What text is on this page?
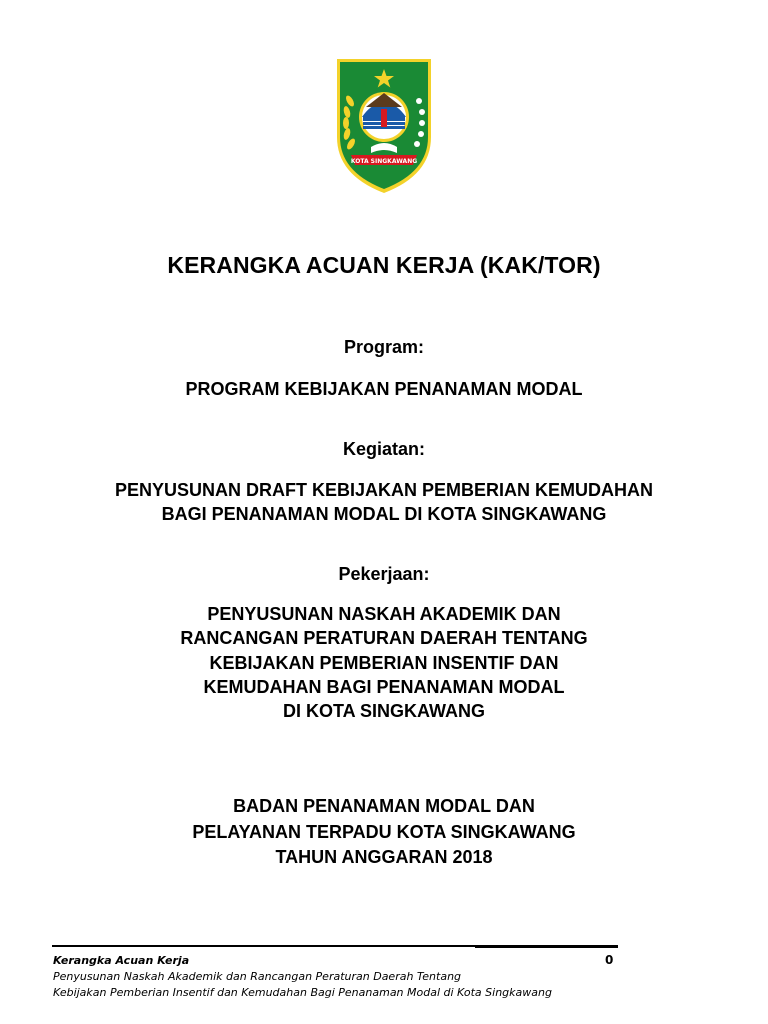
KOTA SINGKAWANG
KERANGKA ACUAN KERJA (KAK/TOR)
Program:
PROGRAM KEBIJAKAN PENANAMAN MODAL
Kegiatan:
PENYUSUNAN DRAFT KEBIJAKAN PEMBERIAN KEMUDAHAN
BAGI PENANAMAN MODAL DI KOTA SINGKAWANG
Pekerjaan:
PENYUSUNAN NASKAH AKADEMIK DAN
RANCANGAN PERATURAN DAERAH TENTANG
KEBIJAKAN PEMBERIAN INSENTIF DAN
KEMUDAHAN BAGI PENANAMAN MODAL
DI KOTA SINGKAWANG
BADAN PENANAMAN MODAL DAN
PELAYANAN TERPADU KOTA SINGKAWANG
TAHUN ANGGARAN 2018
Kerangka Acuan Kerja	0
Penyusunan Naskah Akademik dan Rancangan Peraturan Daerah Tentang
Kebijakan Pemberian Insentif dan Kemudahan Bagi Penanaman Modal di Kota Singkawang
